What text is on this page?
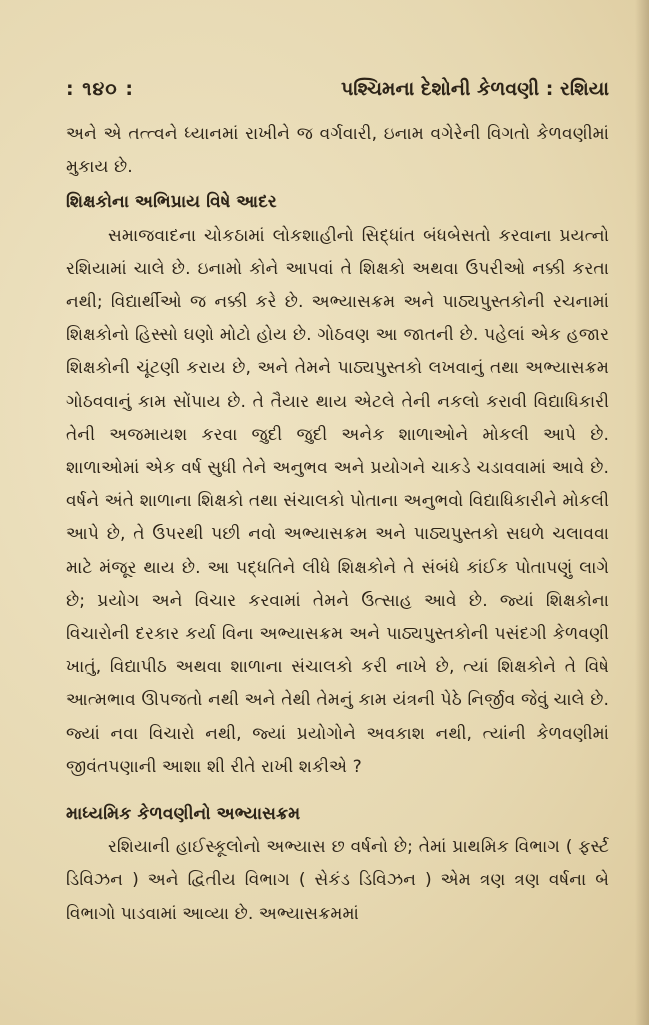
: ૧૪૦ :	પશ્ચિમના દેશોની કેળવણી : રશિયા

અને એ તત્ત્વને ધ્યાનમાં રાખીને જ વર્ગવારી, ઇનામ વગેરેની વિગતો કેળવણીમાં મુકાય છે.

શિક્ષકોના અભિપ્રાય વિષે આદર

સમાજવાદના ચોકઠામાં લોકશાહીનો સિદ્ધાંત બંધબેસતો કરવાના પ્રયત્નો રશિયામાં ચાલે છે. ઇનામો કોને આપવાં તે શિક્ષકો અથવા ઉપરીઓ નક્કી કરતા નથી; વિદ્યાર્થીઓ જ નક્કી કરે છે. અભ્યાસક્રમ અને પાઠ્યપુસ્તકોની રચનામાં શિક્ષકોનો હિસ્સો ઘણો મોટો હોય છે. ગોઠવણ આ જાતની છે. પહેલાં એક હજાર શિક્ષકોની ચૂંટણી કરાય છે, અને તેમને પાઠ્યપુસ્તકો લખવાનું તથા અભ્યાસક્રમ ગોઠવવાનું કામ સોંપાય છે. તે તૈયાર થાય એટલે તેની નકલો કરાવી વિદ્યાધિકારી તેની અજમાયશ કરવા જુદી જુદી અનેક શાળાઓને મોકલી આપે છે. શાળાઓમાં એક વર્ષ સુધી તેને અનુભવ અને પ્રયોગને ચાકડે ચડાવવામાં આવે છે. વર્ષને અંતે શાળાના શિક્ષકો તથા સંચાલકો પોતાના અનુભવો વિદ્યાધિકારીને મોકલી આપે છે, તે ઉપરથી પછી નવો અભ્યાસક્રમ અને પાઠ્યપુસ્તકો સઘળે ચલાવવા માટે મંજૂર થાય છે. આ પદ્ધતિને લીધે શિક્ષકોને તે સંબંધે કાંઈક પોતાપણું લાગે છે; પ્રયોગ અને વિચાર કરવામાં તેમને ઉત્સાહ આવે છે. જ્યાં શિક્ષકોના વિચારોની દરકાર કર્યા વિના અભ્યાસક્રમ અને પાઠ્યપુસ્તકોની પસંદગી કેળવણી ખાતું, વિદ્યાપીઠ અથવા શાળાના સંચાલકો કરી નાખે છે, ત્યાં શિક્ષકોને તે વિષે આત્મભાવ ઊપજતો નથી અને તેથી તેમનું કામ યંત્રની પેઠે નિર્જીવ જેવું ચાલે છે. જ્યાં નવા વિચારો નથી, જ્યાં પ્રયોગોને અવકાશ નથી, ત્યાંની કેળવણીમાં જીવંતપણાની આશા શી રીતે રાખી શકીએ ?

માધ્યમિક કેળવણીનો અભ્યાસક્રમ

રશિયાની હાઈસ્કૂલોનો અભ્યાસ છ વર્ષનો છે; તેમાં પ્રાથમિક વિભાગ ( ફર્સ્ટ ડિવિઝન ) અને દ્વિતીય વિભાગ ( સેકંડ ડિવિઝન ) એમ ત્રણ ત્રણ વર્ષના બે વિભાગો પાડવામાં આવ્યા છે. અભ્યાસક્રમમાં
